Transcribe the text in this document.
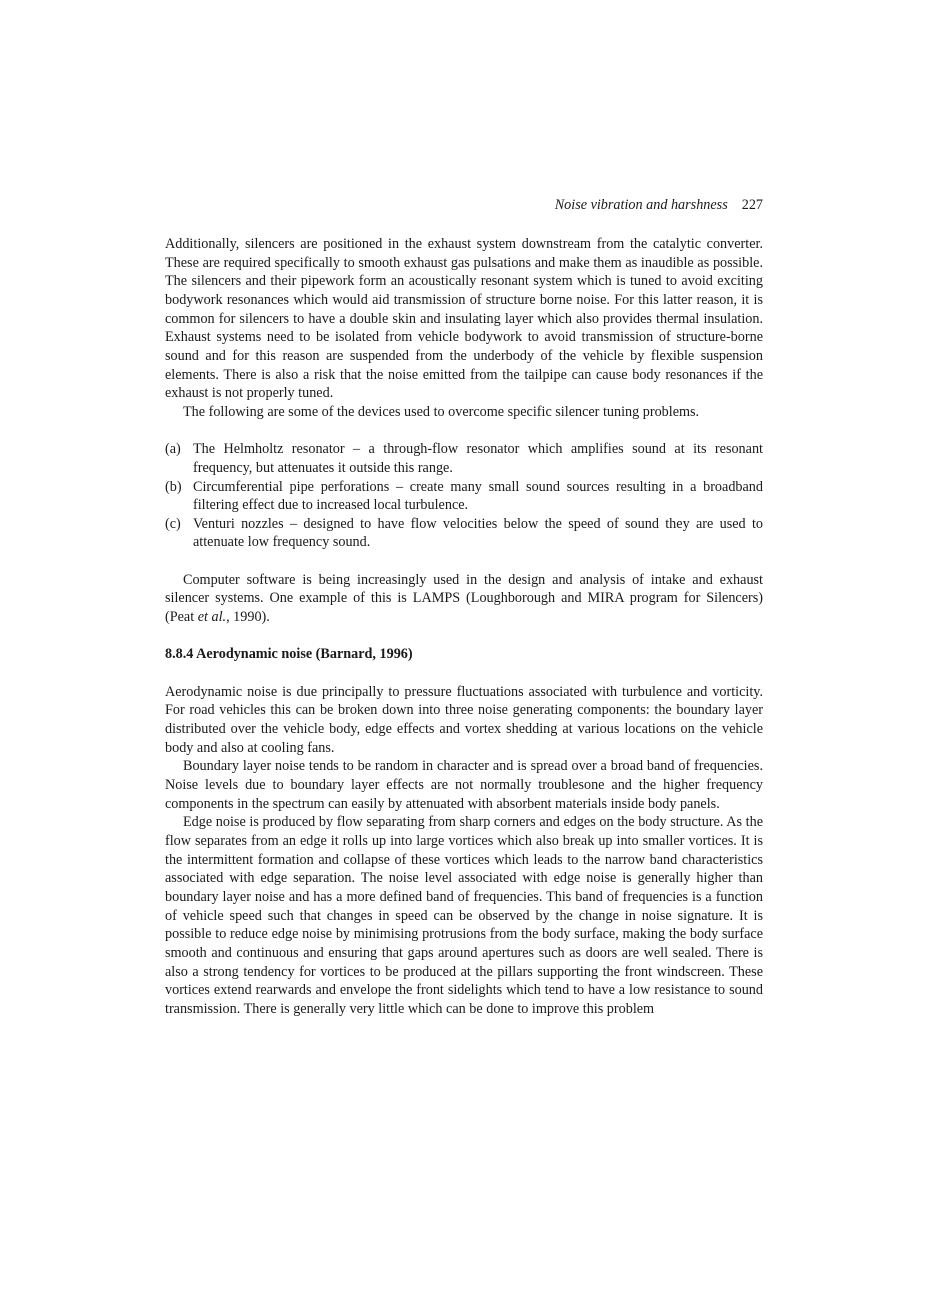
Noise vibration and harshness 227

Additionally, silencers are positioned in the exhaust system downstream from the catalytic converter. These are required specifically to smooth exhaust gas pulsations and make them as inaudible as possible. The silencers and their pipework form an acoustically resonant system which is tuned to avoid exciting bodywork resonances which would aid transmission of structure borne noise. For this latter reason, it is common for silencers to have a double skin and insulating layer which also provides thermal insulation. Exhaust systems need to be isolated from vehicle bodywork to avoid transmission of structure-borne sound and for this reason are suspended from the underbody of the vehicle by flexible suspension elements. There is also a risk that the noise emitted from the tailpipe can cause body resonances if the exhaust is not properly tuned.

The following are some of the devices used to overcome specific silencer tuning problems.

(a) The Helmholtz resonator – a through-flow resonator which amplifies sound at its resonant frequency, but attenuates it outside this range.
(b) Circumferential pipe perforations – create many small sound sources resulting in a broadband filtering effect due to increased local turbulence.
(c) Venturi nozzles – designed to have flow velocities below the speed of sound they are used to attenuate low frequency sound.

Computer software is being increasingly used in the design and analysis of intake and exhaust silencer systems. One example of this is LAMPS (Loughborough and MIRA program for Silencers) (Peat et al., 1990).

8.8.4 Aerodynamic noise (Barnard, 1996)

Aerodynamic noise is due principally to pressure fluctuations associated with turbulence and vorticity. For road vehicles this can be broken down into three noise generating components: the boundary layer distributed over the vehicle body, edge effects and vortex shedding at various locations on the vehicle body and also at cooling fans.

Boundary layer noise tends to be random in character and is spread over a broad band of frequencies. Noise levels due to boundary layer effects are not normally troublesone and the higher frequency components in the spectrum can easily by attenuated with absorbent materials inside body panels.

Edge noise is produced by flow separating from sharp corners and edges on the body structure. As the flow separates from an edge it rolls up into large vortices which also break up into smaller vortices. It is the intermittent formation and collapse of these vortices which leads to the narrow band characteristics associated with edge separation. The noise level associated with edge noise is generally higher than boundary layer noise and has a more defined band of frequencies. This band of frequencies is a function of vehicle speed such that changes in speed can be observed by the change in noise signature. It is possible to reduce edge noise by minimising protrusions from the body surface, making the body surface smooth and continuous and ensuring that gaps around apertures such as doors are well sealed. There is also a strong tendency for vortices to be produced at the pillars supporting the front windscreen. These vortices extend rearwards and envelope the front sidelights which tend to have a low resistance to sound transmission. There is generally very little which can be done to improve this problem
